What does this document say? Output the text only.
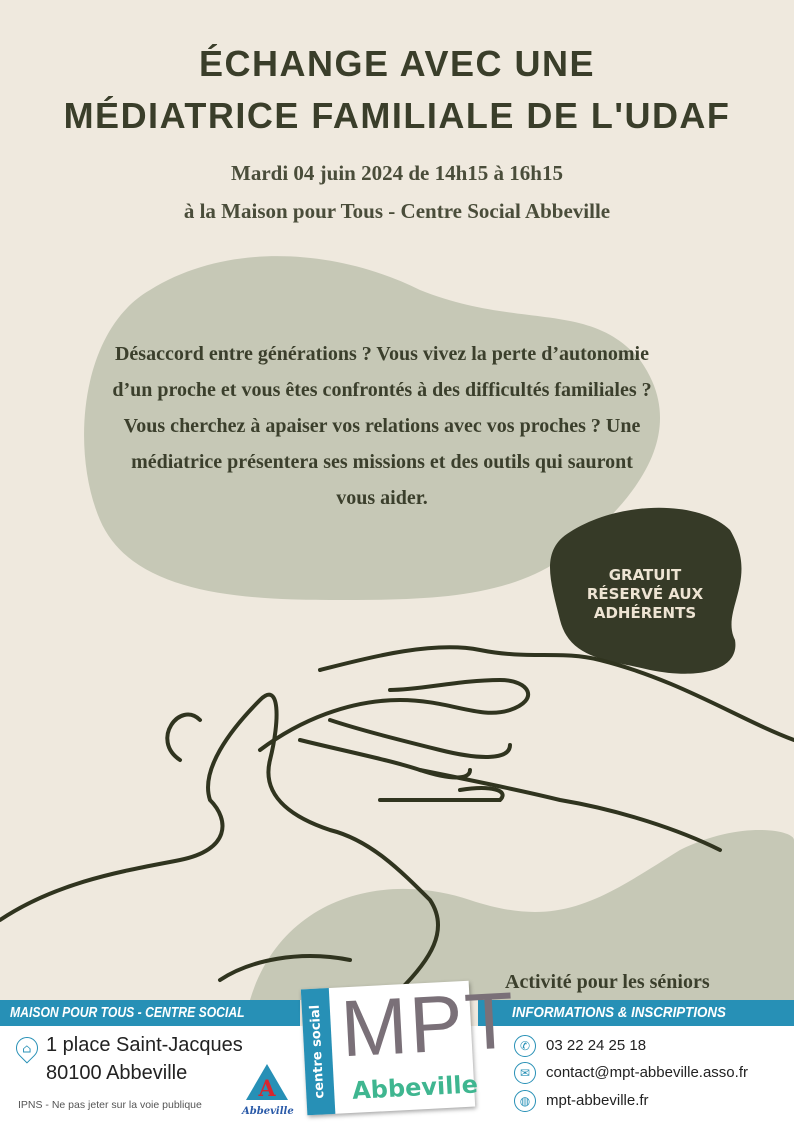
ÉCHANGE AVEC UNE
MÉDIATRICE FAMILIALE DE L'UDAF
Mardi 04 juin 2024 de 14h15 à 16h15
à la Maison pour Tous - Centre Social Abbeville
Désaccord entre générations ? Vous vivez la perte d’autonomie d’un proche et vous êtes confrontés à des difficultés familiales ? Vous cherchez à apaiser vos relations avec vos proches ? Une médiatrice présentera ses missions et des outils qui sauront vous aider.
GRATUIT
RÉSERVÉ AUX
ADHÉRENTS
Activité pour les séniors
MAISON POUR TOUS - CENTRE SOCIAL	INFORMATIONS & INSCRIPTIONS
⌂ 1 place Saint-Jacques
80100 Abbeville
IPNS - Ne pas jeter sur la voie publique
A
Abbeville
centre social MPT
Abbeville
✆	03 22 24 25 18
✉	contact@mpt-abbeville.asso.fr
◍	mpt-abbeville.fr
